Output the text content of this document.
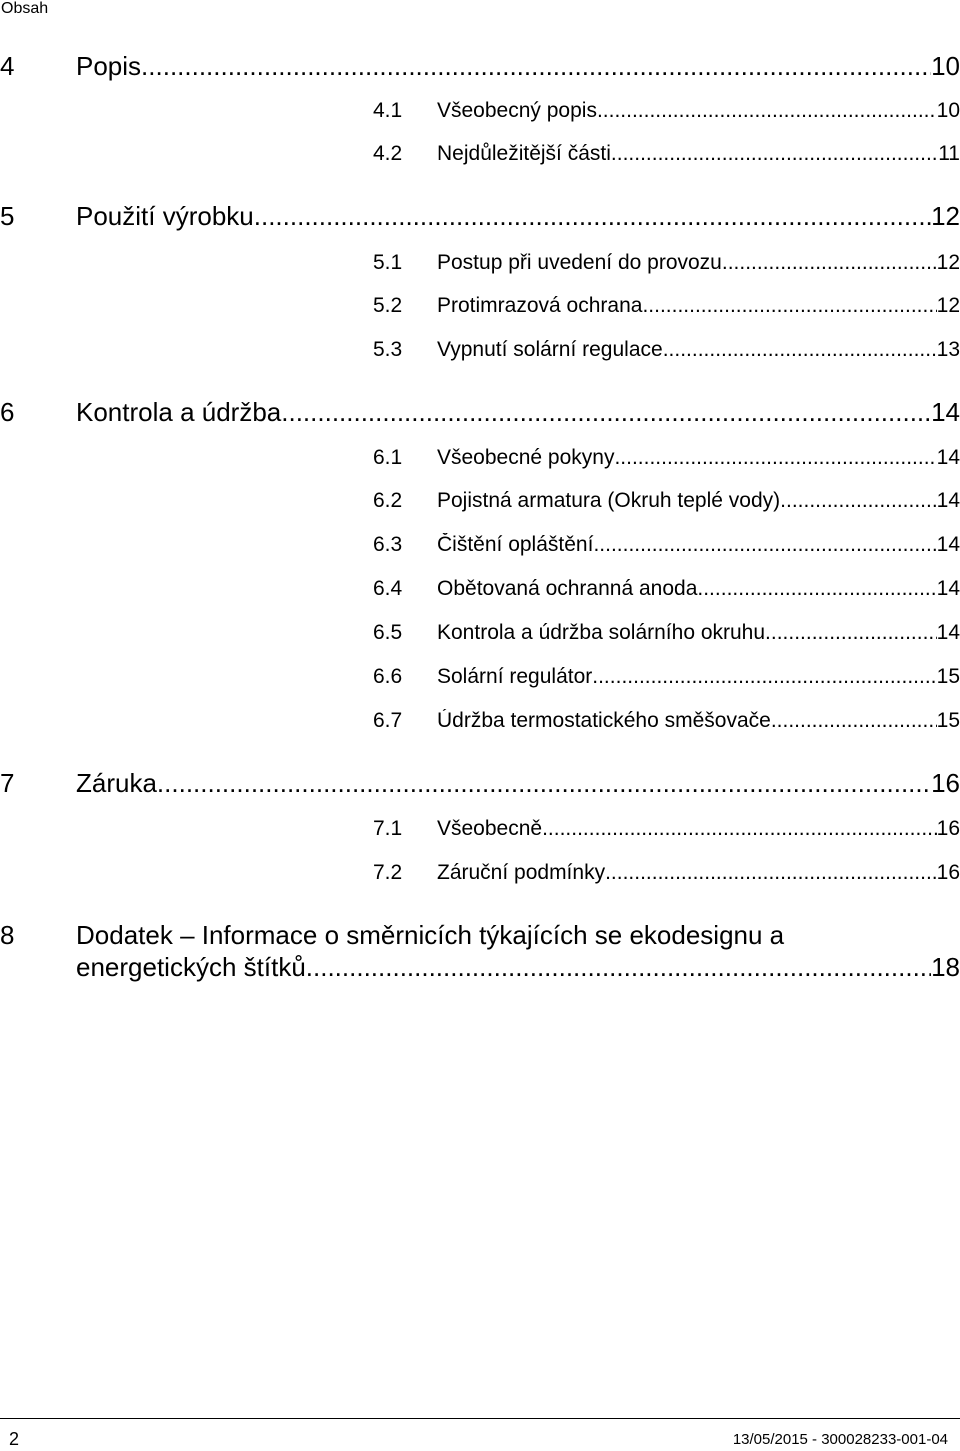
Obsah
4	Popis .....	10
4.1	Všeobecný popis .....	10
4.2	Nejdůležitější části .....	11
5	Použití výrobku .....	12
5.1	Postup při uvedení do provozu .....	12
5.2	Protimrazová ochrana .....	12
5.3	Vypnutí solární regulace .....	13
6	Kontrola a údržba .....	14
6.1	Všeobecné pokyny .....	14
6.2	Pojistná armatura (Okruh teplé vody) .....	14
6.3	Čištění opláštění .....	14
6.4	Obětovaná ochranná anoda .....	14
6.5	Kontrola a údržba solárního okruhu .....	14
6.6	Solární regulátor .....	15
6.7	Údržba termostatického směšovače .....	15
7	Záruka .....	16
7.1	Všeobecně .....	16
7.2	Záruční podmínky .....	16
8 Dodatek – Informace o směrnicích týkajících se ekodesignu a
energetických štítků .....	18
2	13/05/2015 - 300028233-001-04
